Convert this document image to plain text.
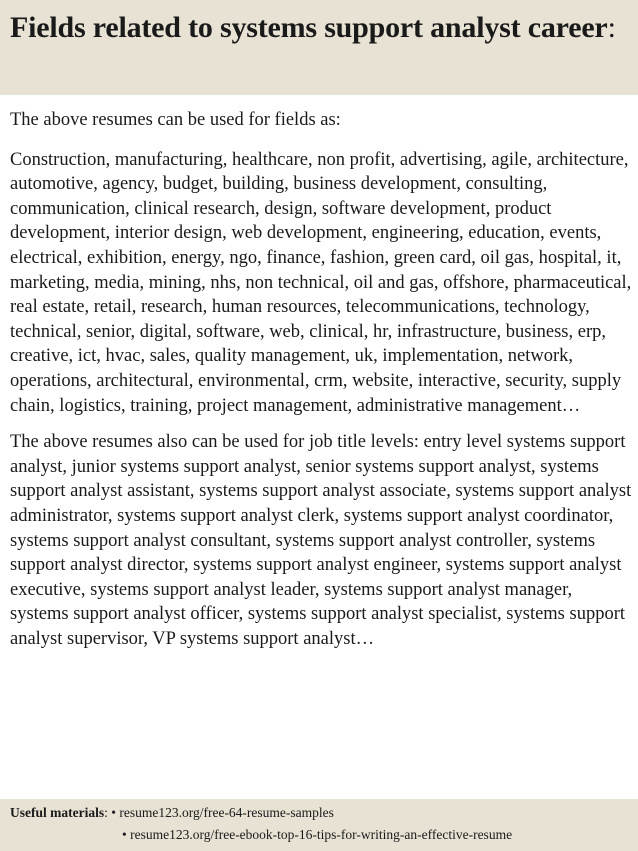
Fields related to systems support analyst career:

The above resumes can be used for fields as:

Construction, manufacturing, healthcare, non profit, advertising, agile, architecture, automotive, agency, budget, building, business development, consulting, communication, clinical research, design, software development, product development, interior design, web development, engineering, education, events, electrical, exhibition, energy, ngo, finance, fashion, green card, oil gas, hospital, it, marketing, media, mining, nhs, non technical, oil and gas, offshore, pharmaceutical, real estate, retail, research, human resources, telecommunications, technology, technical, senior, digital, software, web, clinical, hr, infrastructure, business, erp, creative, ict, hvac, sales, quality management, uk, implementation, network, operations, architectural, environmental, crm, website, interactive, security, supply chain, logistics, training, project management, administrative management…

The above resumes also can be used for job title levels: entry level systems support analyst, junior systems support analyst, senior systems support analyst, systems support analyst assistant, systems support analyst associate, systems support analyst administrator, systems support analyst clerk, systems support analyst coordinator, systems support analyst consultant, systems support analyst controller, systems support analyst director, systems support analyst engineer, systems support analyst executive, systems support analyst leader, systems support analyst manager, systems support analyst officer, systems support analyst specialist, systems support analyst supervisor, VP systems support analyst…

Useful materials: • resume123.org/free-64-resume-samples
• resume123.org/free-ebook-top-16-tips-for-writing-an-effective-resume
